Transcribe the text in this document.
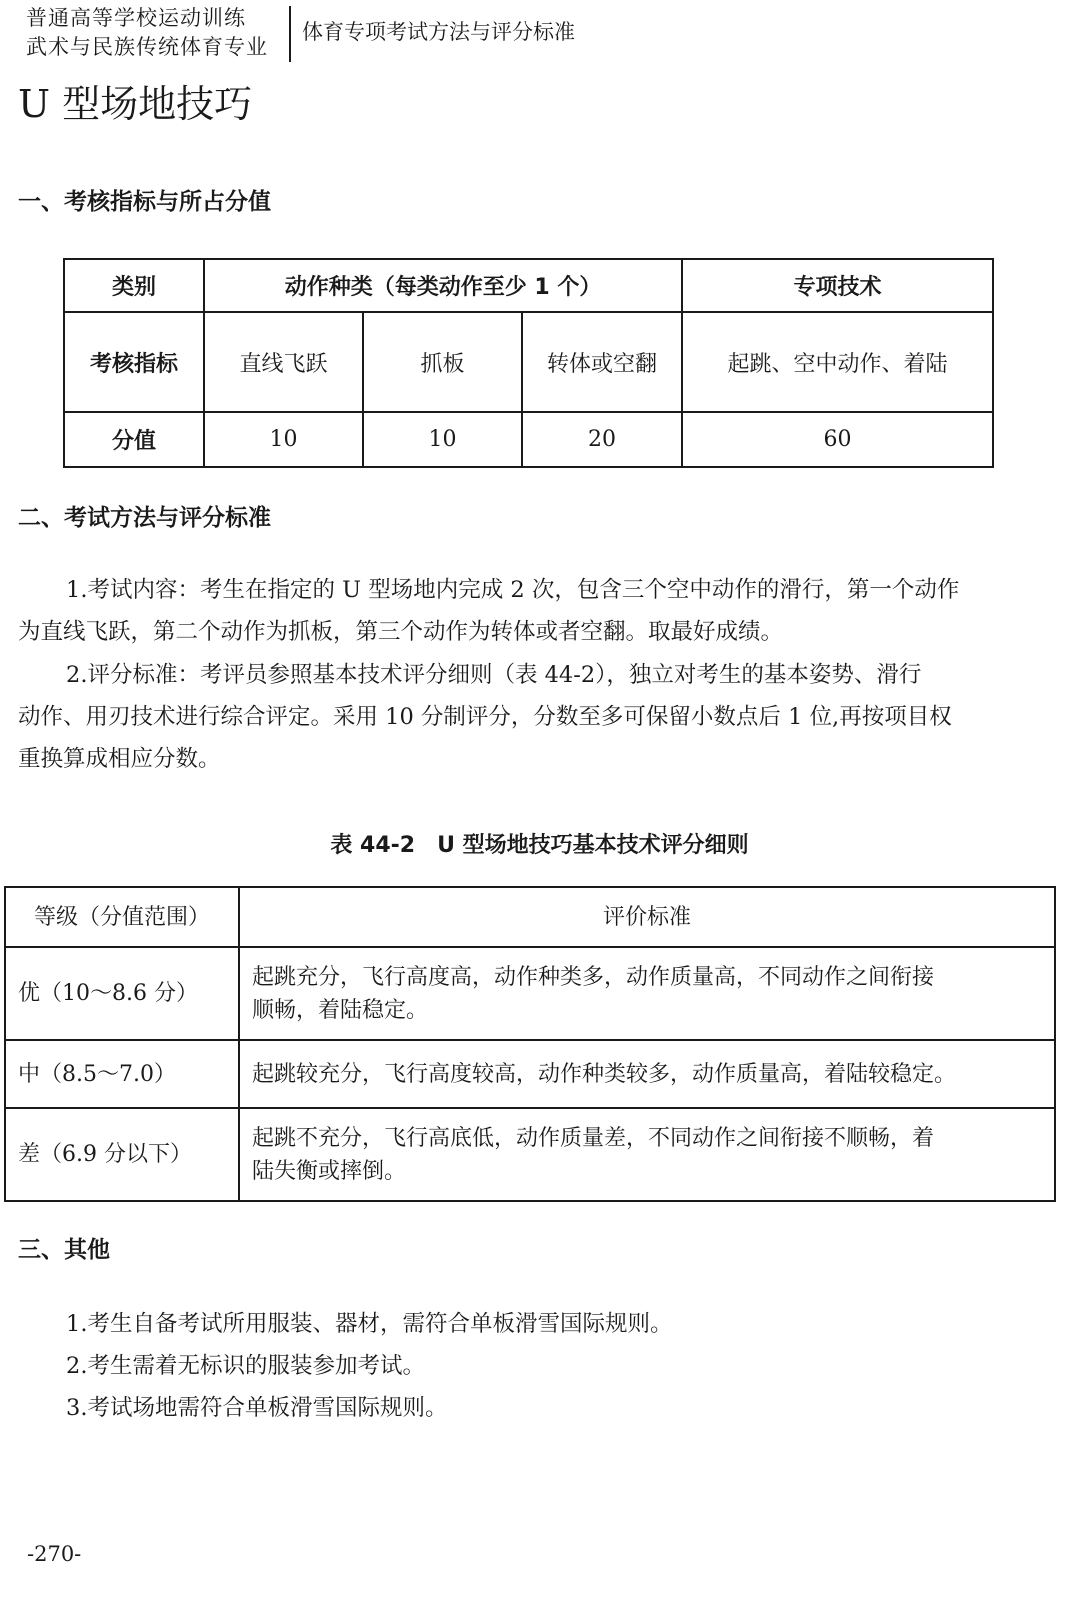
普通高等学校运动训练
武术与民族传统体育专业
体育专项考试方法与评分标准
U 型场地技巧
一、考核指标与所占分值
类别	动作种类（每类动作至少 1 个）			专项技术
考核指标	直线飞跃	抓板	转体或空翻	起跳、空中动作、着陆
分值	10	10	20	60
二、考试方法与评分标准
1.考试内容：考生在指定的 U 型场地内完成 2 次，包含三个空中动作的滑行，第一个动作
为直线飞跃，第二个动作为抓板，第三个动作为转体或者空翻。取最好成绩。
2.评分标准：考评员参照基本技术评分细则（表 44-2），独立对考生的基本姿势、滑行
动作、用刃技术进行综合评定。采用 10 分制评分，分数至多可保留小数点后 1 位,再按项目权
重换算成相应分数。
表 44-2　U 型场地技巧基本技术评分细则
等级（分值范围）	评价标准
优（10～8.6 分）	起跳充分，飞行高度高，动作种类多，动作质量高，不同动作之间衔接
顺畅，着陆稳定。

中（8.5～7.0）	起跳较充分，飞行高度较高，动作种类较多，动作质量高，着陆较稳定。

差（6.9 分以下）	起跳不充分，飞行高底低，动作质量差，不同动作之间衔接不顺畅，着
陆失衡或摔倒。
三、其他
1.考生自备考试所用服装、器材，需符合单板滑雪国际规则。
2.考生需着无标识的服装参加考试。
3.考试场地需符合单板滑雪国际规则。
-270-
